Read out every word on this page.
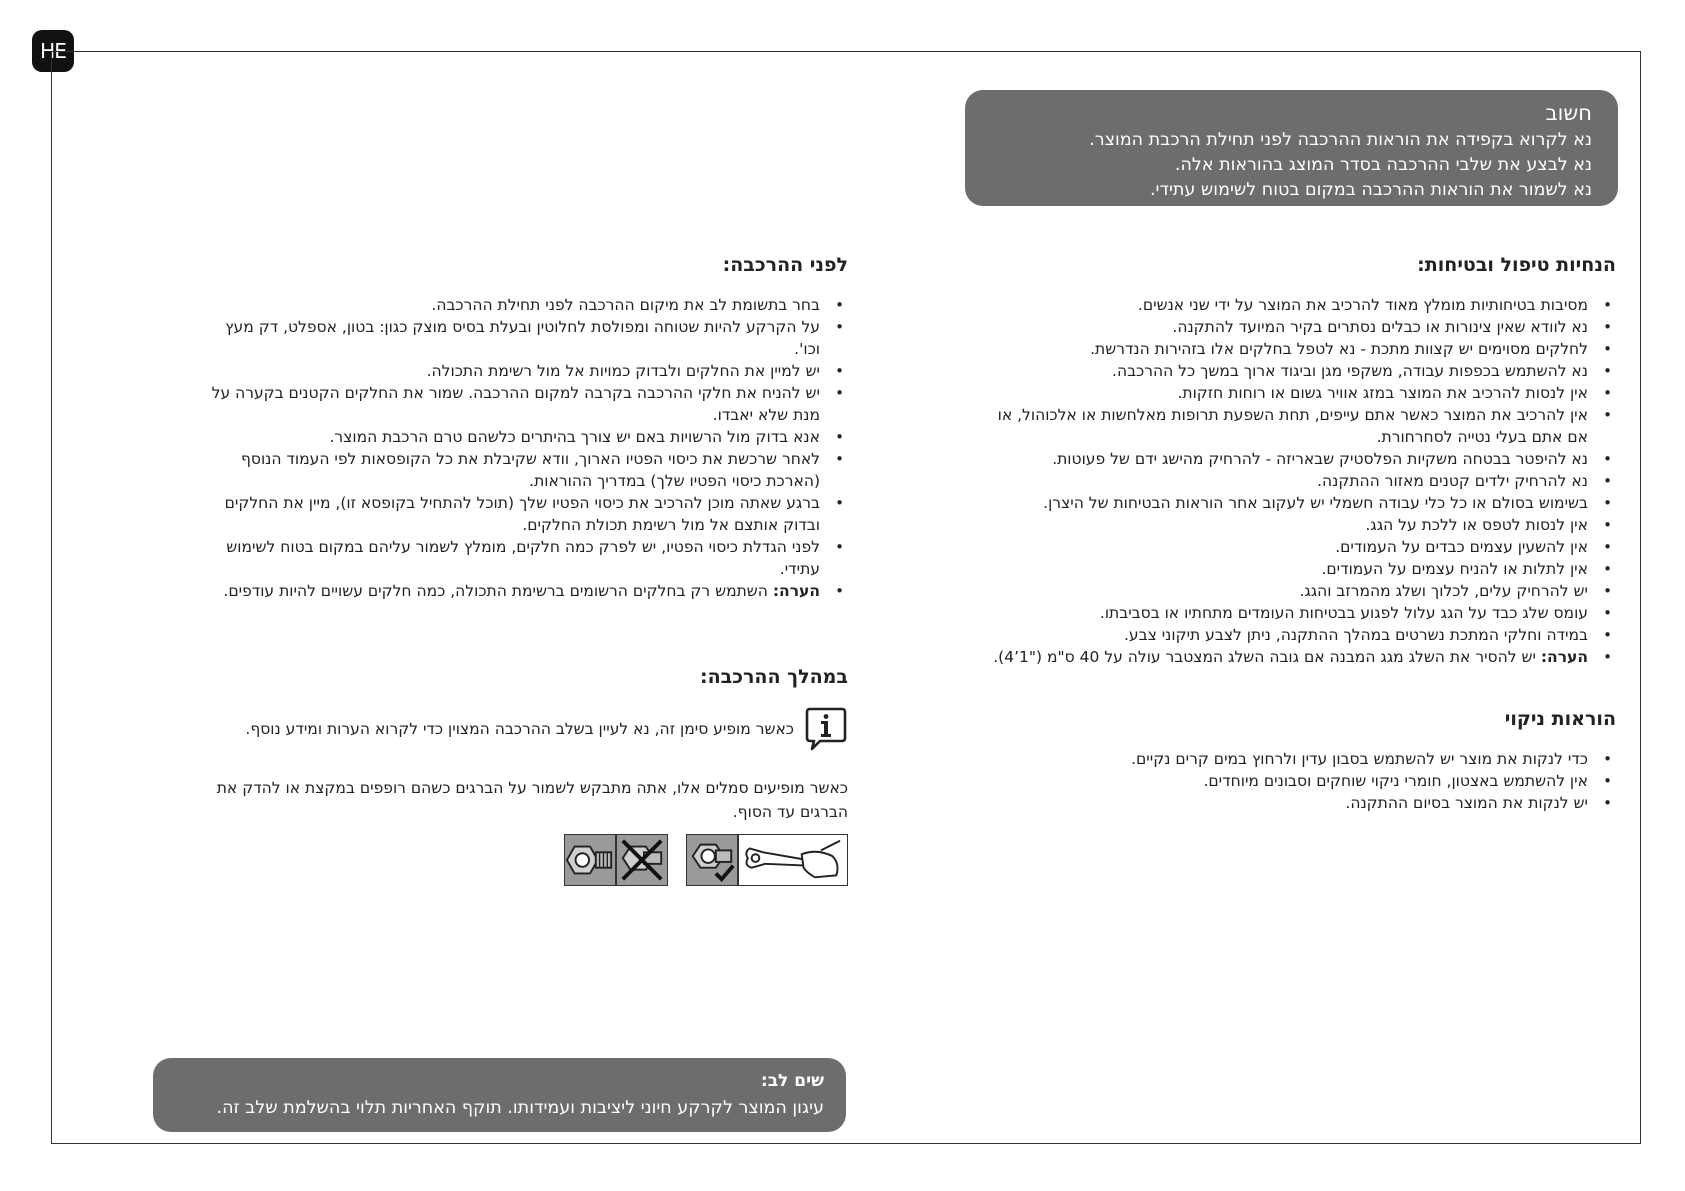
HE
חשוב
נא לקרוא בקפידה את הוראות ההרכבה לפני תחילת הרכבת המוצר.
נא לבצע את שלבי ההרכבה בסדר המוצג בהוראות אלה.
נא לשמור את הוראות ההרכבה במקום בטוח לשימוש עתידי.
הנחיות טיפול ובטיחות:
• מסיבות בטיחותיות מומלץ מאוד להרכיב את המוצר על ידי שני אנשים.
• נא לוודא שאין צינורות או כבלים נסתרים בקיר המיועד להתקנה.
• לחלקים מסוימים יש קצוות מתכת - נא לטפל בחלקים אלו בזהירות הנדרשת.
• נא להשתמש בכפפות עבודה, משקפי מגן וביגוד ארוך במשך כל ההרכבה.
• אין לנסות להרכיב את המוצר במזג אוויר גשום או רוחות חזקות.
• אין להרכיב את המוצר כאשר אתם עייפים, תחת השפעת תרופות מאלחשות או אלכוהול, או אם אתם בעלי נטייה לסחרחורת.
• נא להיפטר בבטחה משקיות הפלסטיק שבאריזה - להרחיק מהישג ידם של פעוטות.
• נא להרחיק ילדים קטנים מאזור ההתקנה.
• בשימוש בסולם או כל כלי עבודה חשמלי יש לעקוב אחר הוראות הבטיחות של היצרן.
• אין לנסות לטפס או ללכת על הגג.
• אין להשעין עצמים כבדים על העמודים.
• אין לתלות או להניח עצמים על העמודים.
• יש להרחיק עלים, לכלוך ושלג מהמרזב והגג.
• עומס שלג כבד על הגג עלול לפגוע בבטיחות העומדים מתחתיו או בסביבתו.
• במידה וחלקי המתכת נשרטים במהלך ההתקנה, ניתן לצבע תיקוני צבע.
• הערה: יש להסיר את השלג מגג המבנה אם גובה השלג המצטבר עולה על 40 ס"מ ("1’4).
הוראות ניקוי
• כדי לנקות את מוצר יש להשתמש בסבון עדין ולרחוץ במים קרים נקיים.
• אין להשתמש באצטון, חומרי ניקוי שוחקים וסבונים מיוחדים.
• יש לנקות את המוצר בסיום ההתקנה.
לפני ההרכבה:
• בחר בתשומת לב את מיקום ההרכבה לפני תחילת ההרכבה.
• על הקרקע להיות שטוחה ומפולסת לחלוטין ובעלת בסיס מוצק כגון: בטון, אספלט, דק מעץ וכו'.
• יש למיין את החלקים ולבדוק כמויות אל מול רשימת התכולה.
• יש להניח את חלקי ההרכבה בקרבה למקום ההרכבה. שמור את החלקים הקטנים בקערה על מנת שלא יאבדו.
• אנא בדוק מול הרשויות באם יש צורך בהיתרים כלשהם טרם הרכבת המוצר.
• לאחר שרכשת את כיסוי הפטיו הארוך, וודא שקיבלת את כל הקופסאות לפי העמוד הנוסף (הארכת כיסוי הפטיו שלך) במדריך ההוראות.
• ברגע שאתה מוכן להרכיב את כיסוי הפטיו שלך (תוכל להתחיל בקופסא זו), מיין את החלקים ובדוק אותצם אל מול רשימת תכולת החלקים.
• לפני הגדלת כיסוי הפטיו, יש לפרק כמה חלקים, מומלץ לשמור עליהם במקום בטוח לשימוש עתידי.
• הערה: השתמש רק בחלקים הרשומים ברשימת התכולה, כמה חלקים עשויים להיות עודפים.
במהלך ההרכבה:
כאשר מופיע סימן זה, נא לעיין בשלב ההרכבה המצוין כדי לקרוא הערות ומידע נוסף.

כאשר מופיעים סמלים אלו, אתה מתבקש לשמור על הברגים כשהם רופפים במקצת או להדק את הברגים עד הסוף.

שים לב:
עיגון המוצר לקרקע חיוני ליציבות ועמידותו. תוקף האחריות תלוי בהשלמת שלב זה.
